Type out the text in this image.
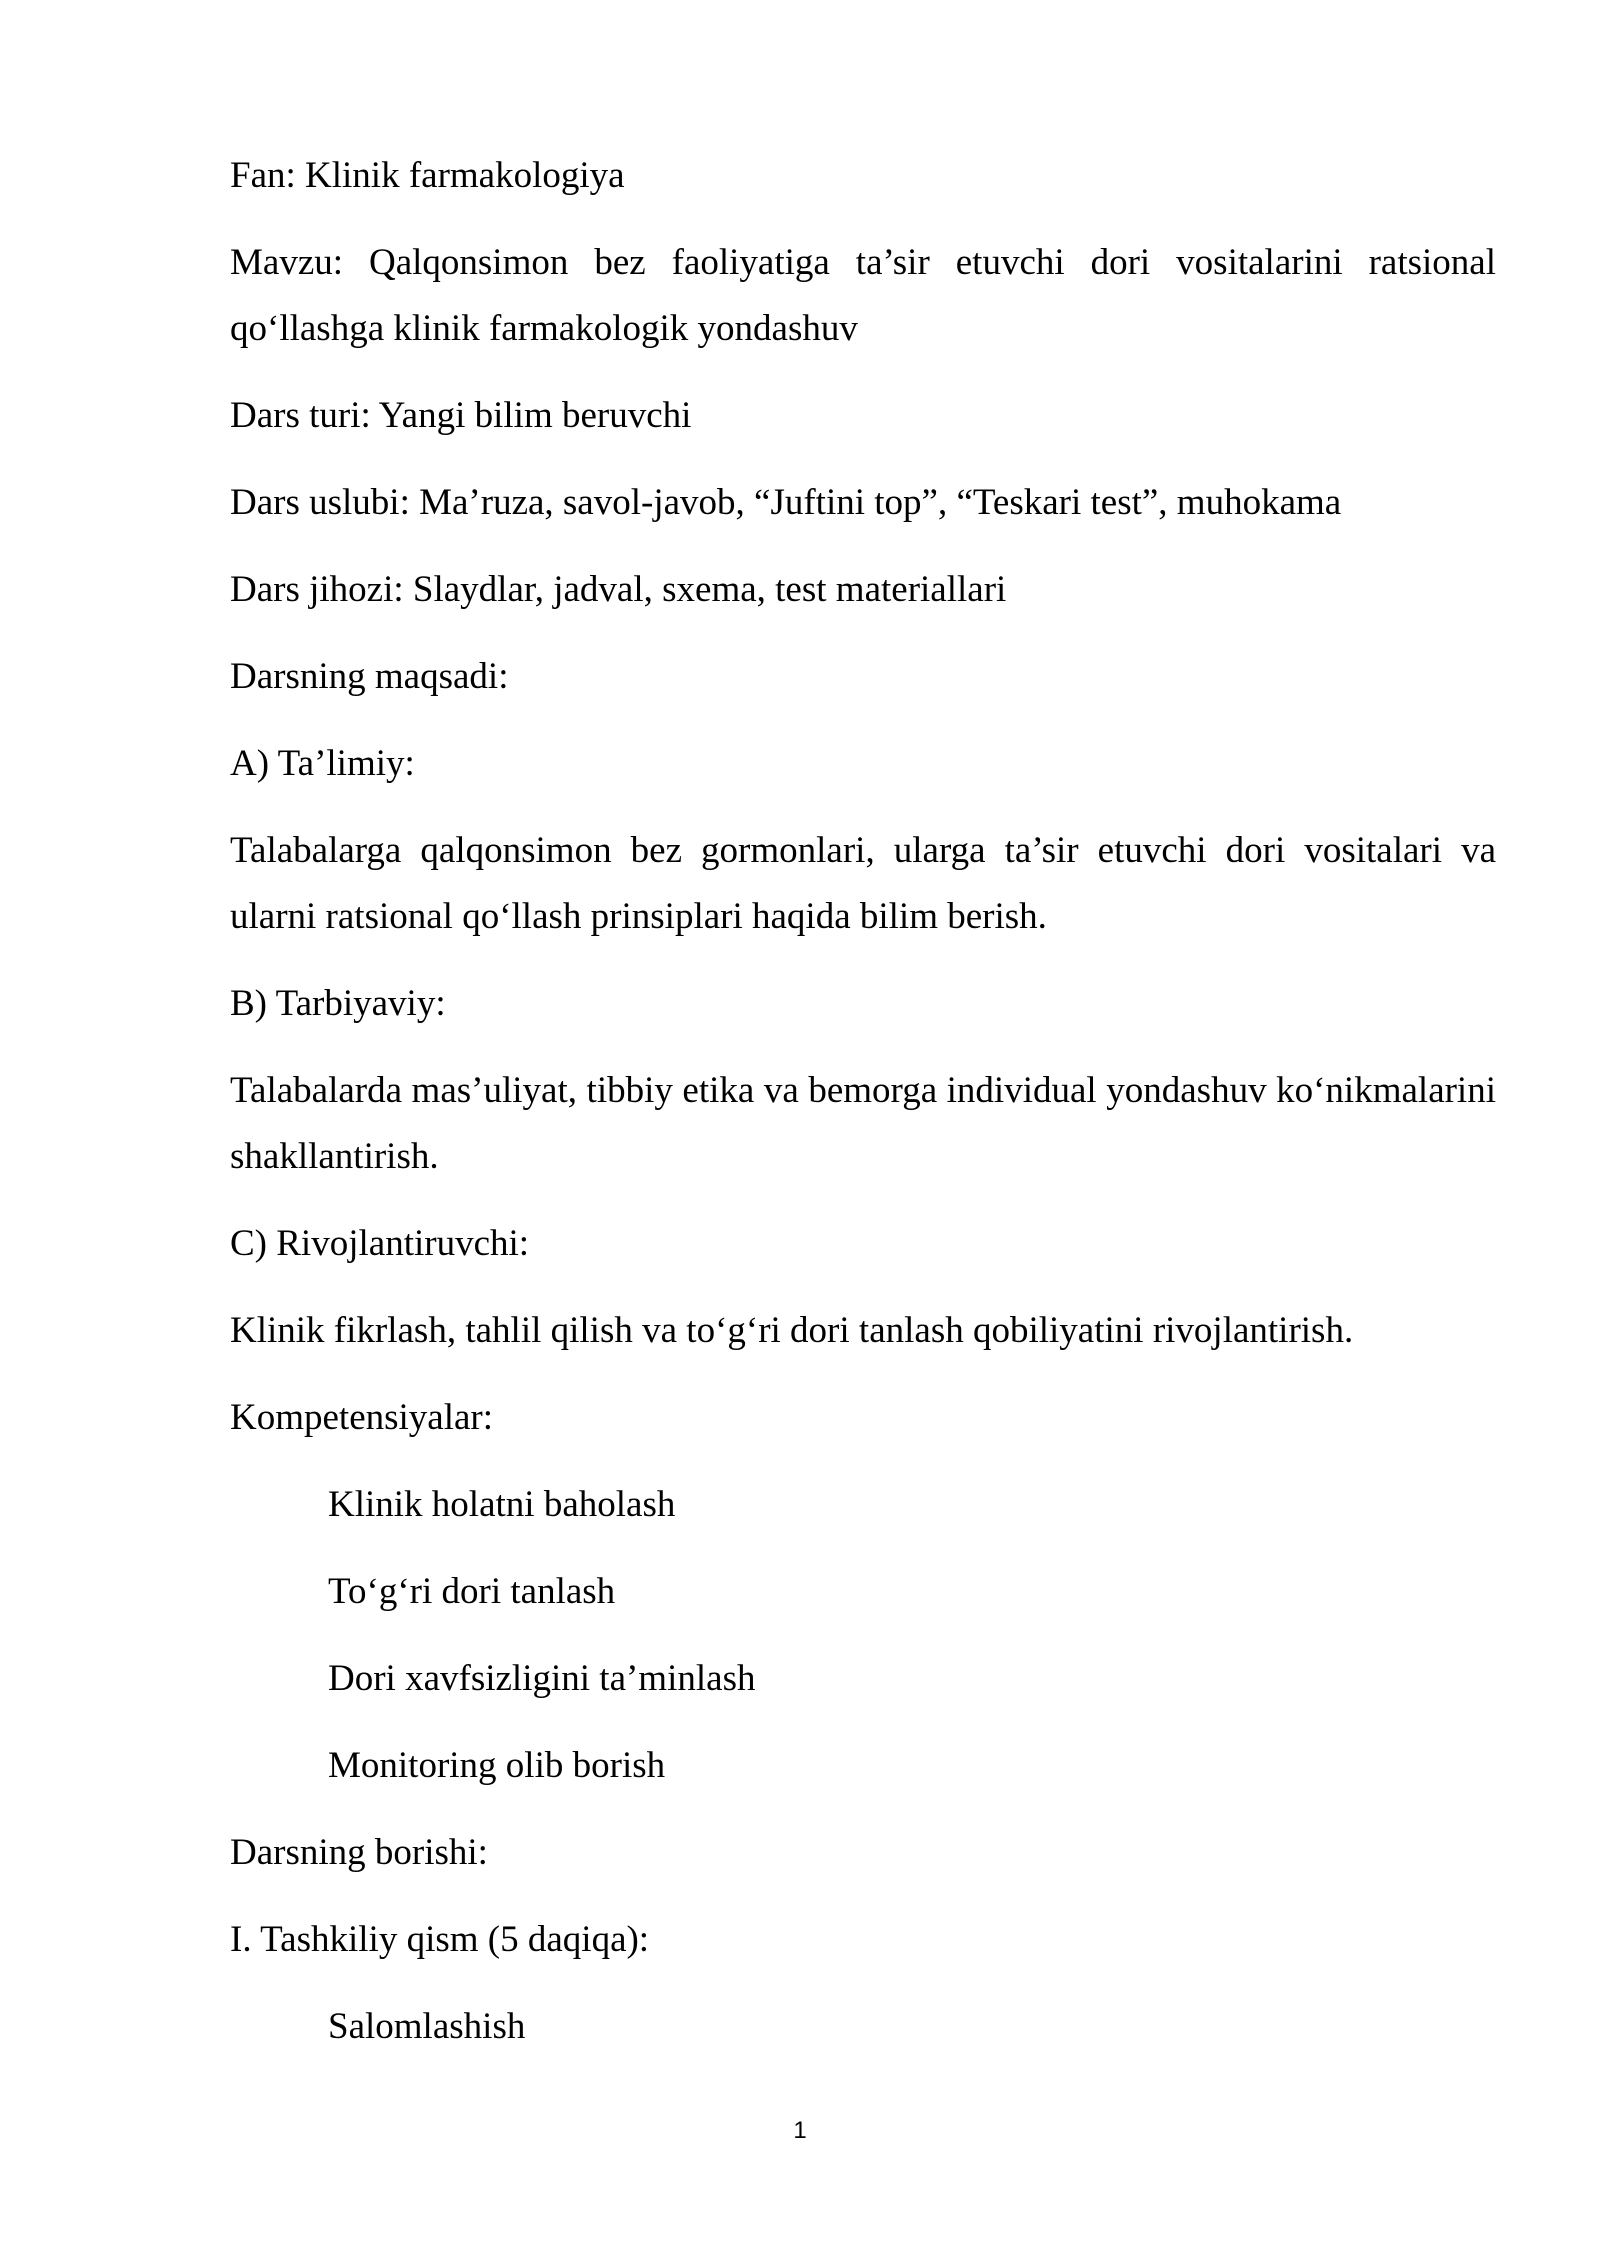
Fan: Klinik farmakologiya

Mavzu: Qalqonsimon bez faoliyatiga ta’sir etuvchi dori vositalarini ratsional qo‘llashga klinik farmakologik yondashuv

Dars turi: Yangi bilim beruvchi

Dars uslubi: Ma’ruza, savol-javob, “Juftini top”, “Teskari test”, muhokama

Dars jihozi: Slaydlar, jadval, sxema, test materiallari

Darsning maqsadi:

A) Ta’limiy:

Talabalarga qalqonsimon bez gormonlari, ularga ta’sir etuvchi dori vositalari va ularni ratsional qo‘llash prinsiplari haqida bilim berish.

B) Tarbiyaviy:

Talabalarda mas’uliyat, tibbiy etika va bemorga individual yondashuv ko‘nikmalarini shakllantirish.

C) Rivojlantiruvchi:

Klinik fikrlash, tahlil qilish va to‘g‘ri dori tanlash qobiliyatini rivojlantirish.

Kompetensiyalar:

Klinik holatni baholash

To‘g‘ri dori tanlash

Dori xavfsizligini ta’minlash

Monitoring olib borish

Darsning borishi:

I. Tashkiliy qism (5 daqiqa):

Salomlashish

1
